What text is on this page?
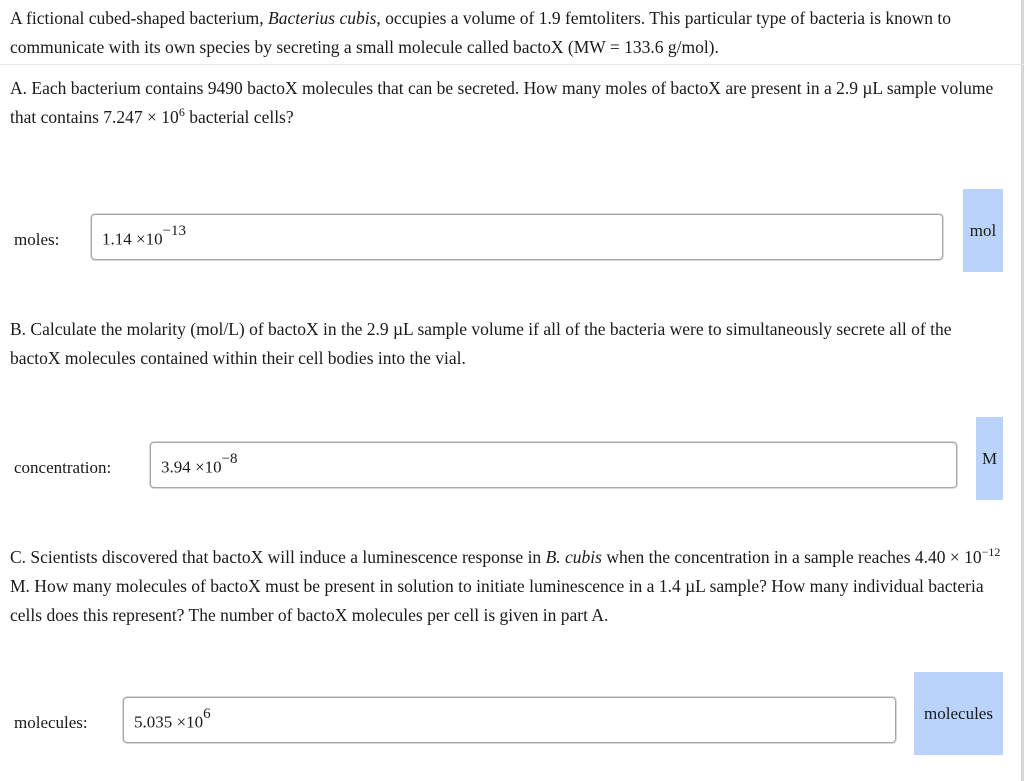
A fictional cubed-shaped bacterium, Bacterius cubis, occupies a volume of 1.9 femtoliters. This particular type of bacteria is known to communicate with its own species by secreting a small molecule called bactoX (MW = 133.6 g/mol).
A. Each bacterium contains 9490 bactoX molecules that can be secreted. How many moles of bactoX are present in a 2.9 µL sample volume that contains $7.247 \times 10^6$ bacterial cells?
moles:	$1.14 \times 10^{-13}$	mol
B. Calculate the molarity (mol/L) of bactoX in the 2.9 µL sample volume if all of the bacteria were to simultaneously secrete all of the bactoX molecules contained within their cell bodies into the vial.
concentration:	$3.94 \times 10^{-8}$	M
C. Scientists discovered that bactoX will induce a luminescence response in B. cubis when the concentration in a sample reaches $4.40 \times 10^{-12}$ M. How many molecules of bactoX must be present in solution to initiate luminescence in a 1.4 µL sample? How many individual bacteria cells does this represent? The number of bactoX molecules per cell is given in part A.
molecules:	$5.035 \times 10^6$	molecules
